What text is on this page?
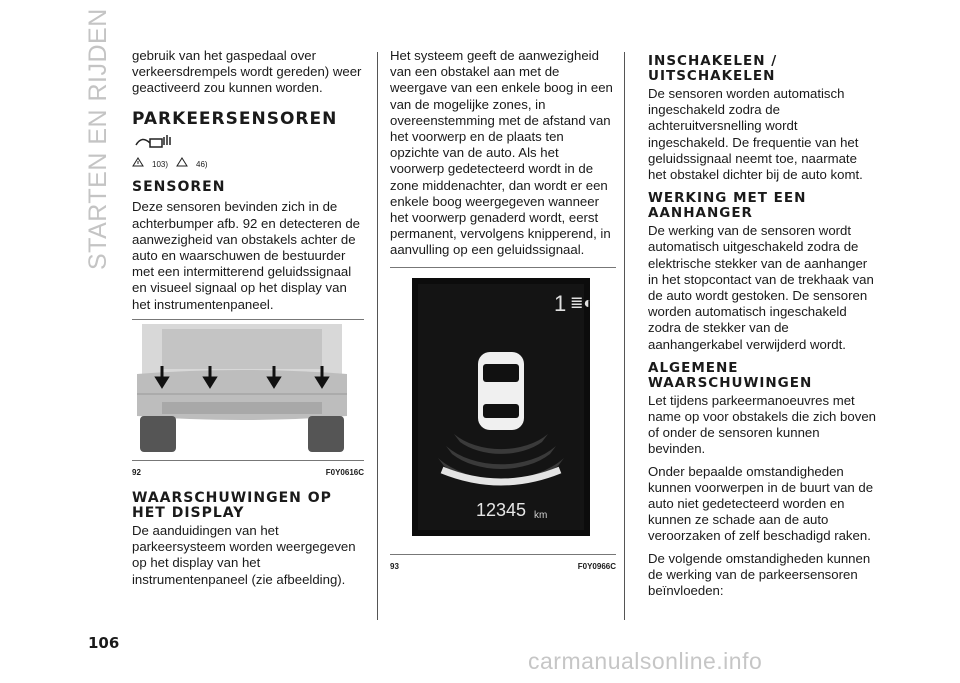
STARTEN EN RIJDEN gebruik van het gaspedaal over verkeersdrempels wordt gereden) weer geactiveerd zou kunnen worden.

PARKEERSENSOREN
103)	46)
SENSOREN

Deze sensoren bevinden zich in de achterbumper afb. 92 en detecteren de aanwezigheid van obstakels achter de auto en waarschuwen de bestuurder met een intermitterend geluidssignaal en visueel signaal op het display van het instrumentenpaneel.

92	F0Y0616C
WAARSCHUWINGEN OP HET DISPLAY

De aanduidingen van het parkeersysteem worden weergegeven op het display van het instrumentenpaneel (zie afbeelding).

Het systeem geeft de aanwezigheid van een obstakel aan met de weergave van een enkele boog in een van de mogelijke zones, in overeenstemming met de afstand van het voorwerp en de plaats ten opzichte van de auto. Als het voorwerp gedetecteerd wordt in de zone middenachter, dan wordt er een enkele boog weergegeven wanneer het voorwerp genaderd wordt, eerst permanent, vervolgens knipperend, in aanvulling op een geluidssignaal.

1 ≣◐
12345 km
93	F0Y0966C
INSCHAKELEN / UITSCHAKELEN

De sensoren worden automatisch ingeschakeld zodra de achteruitversnelling wordt ingeschakeld. De frequentie van het geluidssignaal neemt toe, naarmate het obstakel dichter bij de auto komt.

WERKING MET EEN AANHANGER

De werking van de sensoren wordt automatisch uitgeschakeld zodra de elektrische stekker van de aanhanger in het stopcontact van de trekhaak van de auto wordt gestoken. De sensoren worden automatisch ingeschakeld zodra de stekker van de aanhangerkabel verwijderd wordt.

ALGEMENE WAARSCHUWINGEN

Let tijdens parkeermanoeuvres met name op voor obstakels die zich boven of onder de sensoren kunnen bevinden.

Onder bepaalde omstandigheden kunnen voorwerpen in de buurt van de auto niet gedetecteerd worden en kunnen ze schade aan de auto veroorzaken of zelf beschadigd raken.

De volgende omstandigheden kunnen de werking van de parkeersensoren beïnvloeden:

106
carmanualsonline.info
